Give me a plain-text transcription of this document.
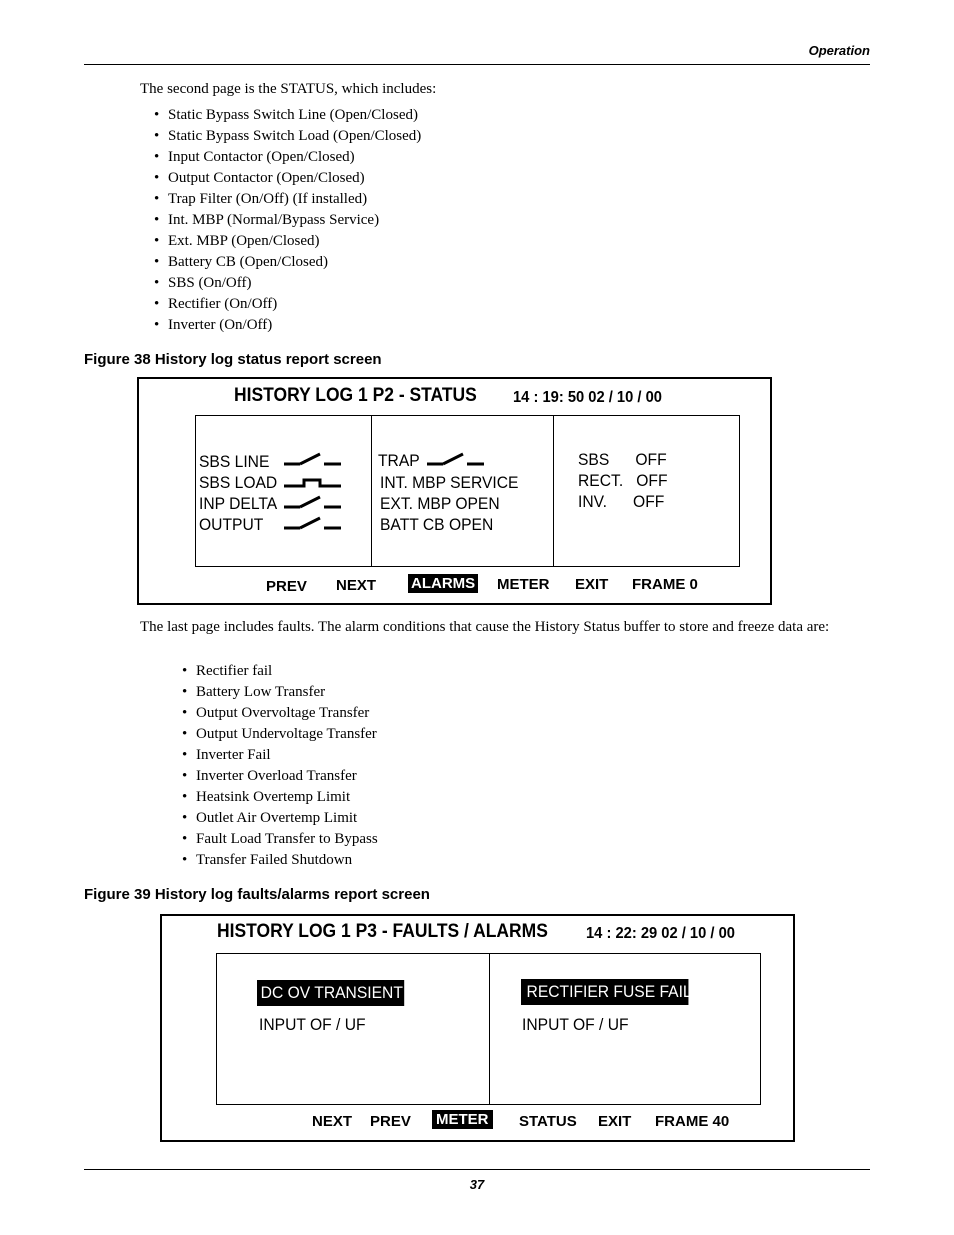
Operation
The second page is the STATUS, which includes:
• Static Bypass Switch Line (Open/Closed)
• Static Bypass Switch Load (Open/Closed)
• Input Contactor (Open/Closed)
• Output Contactor (Open/Closed)
• Trap Filter (On/Off) (If installed)
• Int. MBP (Normal/Bypass Service)
• Ext. MBP (Open/Closed)
• Battery CB (Open/Closed)
• SBS (On/Off)
• Rectifier (On/Off)
• Inverter (On/Off)
Figure 38 History log status report screen
HISTORY LOG 1 P2 - STATUS 14 : 19: 50 02 / 10 / 00
SBS LINE
SBS LOAD
INP DELTA
OUTPUT
TRAP
INT. MBP SERVICE
EXT. MBP OPEN
BATT CB OPEN
SBS      OFF
RECT.   OFF
INV.      OFF
PREV NEXT ALARMS METER EXIT FRAME 0
The last page includes faults. The alarm conditions that cause the History Status buffer to store and freeze data are:
• Rectifier fail
• Battery Low Transfer
• Output Overvoltage Transfer
• Output Undervoltage Transfer
• Inverter Fail
• Inverter Overload Transfer
• Heatsink Overtemp Limit
• Outlet Air Overtemp Limit
• Fault Load Transfer to Bypass
• Transfer Failed Shutdown
Figure 39 History log faults/alarms report screen
HISTORY LOG 1 P3 - FAULTS / ALARMS 14 : 22: 29 02 / 10 / 00
DC OV TRANSIENT
INPUT OF / UF
RECTIFIER FUSE FAIL
INPUT OF / UF
NEXT PREV METER STATUS EXIT FRAME 40
37
